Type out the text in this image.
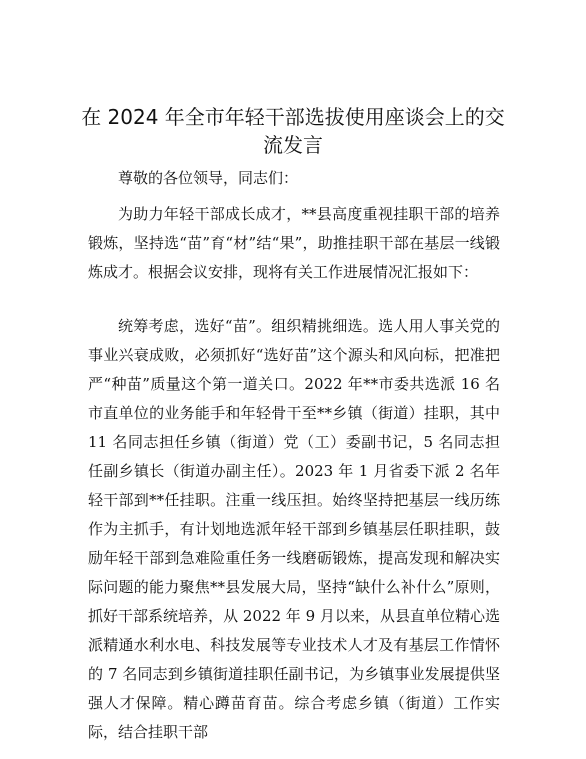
在 2024 年全市年轻干部选拔使用座谈会上的交流发言

尊敬的各位领导，同志们：

为助力年轻干部成长成才，**县高度重视挂职干部的培养锻炼，坚持选“苗”育“材”结“果”，助推挂职干部在基层一线锻炼成才。根据会议安排，现将有关工作进展情况汇报如下：

统筹考虑，选好“苗”。组织精挑细选。选人用人事关党的事业兴衰成败，必须抓好“选好苗”这个源头和风向标，把准把严“种苗”质量这个第一道关口。2022 年**市委共选派 16 名市直单位的业务能手和年轻骨干至**乡镇（街道）挂职，其中 11 名同志担任乡镇（街道）党（工）委副书记，5 名同志担任副乡镇长（街道办副主任）。2023 年 1 月省委下派 2 名年轻干部到**任挂职。注重一线压担。始终坚持把基层一线历练作为主抓手，有计划地选派年轻干部到乡镇基层任职挂职，鼓励年轻干部到急难险重任务一线磨砺锻炼，提高发现和解决实际问题的能力聚焦**县发展大局，坚持“缺什么补什么”原则，抓好干部系统培养，从 2022 年 9 月以来，从县直单位精心选派精通水利水电、科技发展等专业技术人才及有基层工作情怀的 7 名同志到乡镇街道挂职任副书记，为乡镇事业发展提供坚强人才保障。精心蹲苗育苗。综合考虑乡镇（街道）工作实际，结合挂职干部
